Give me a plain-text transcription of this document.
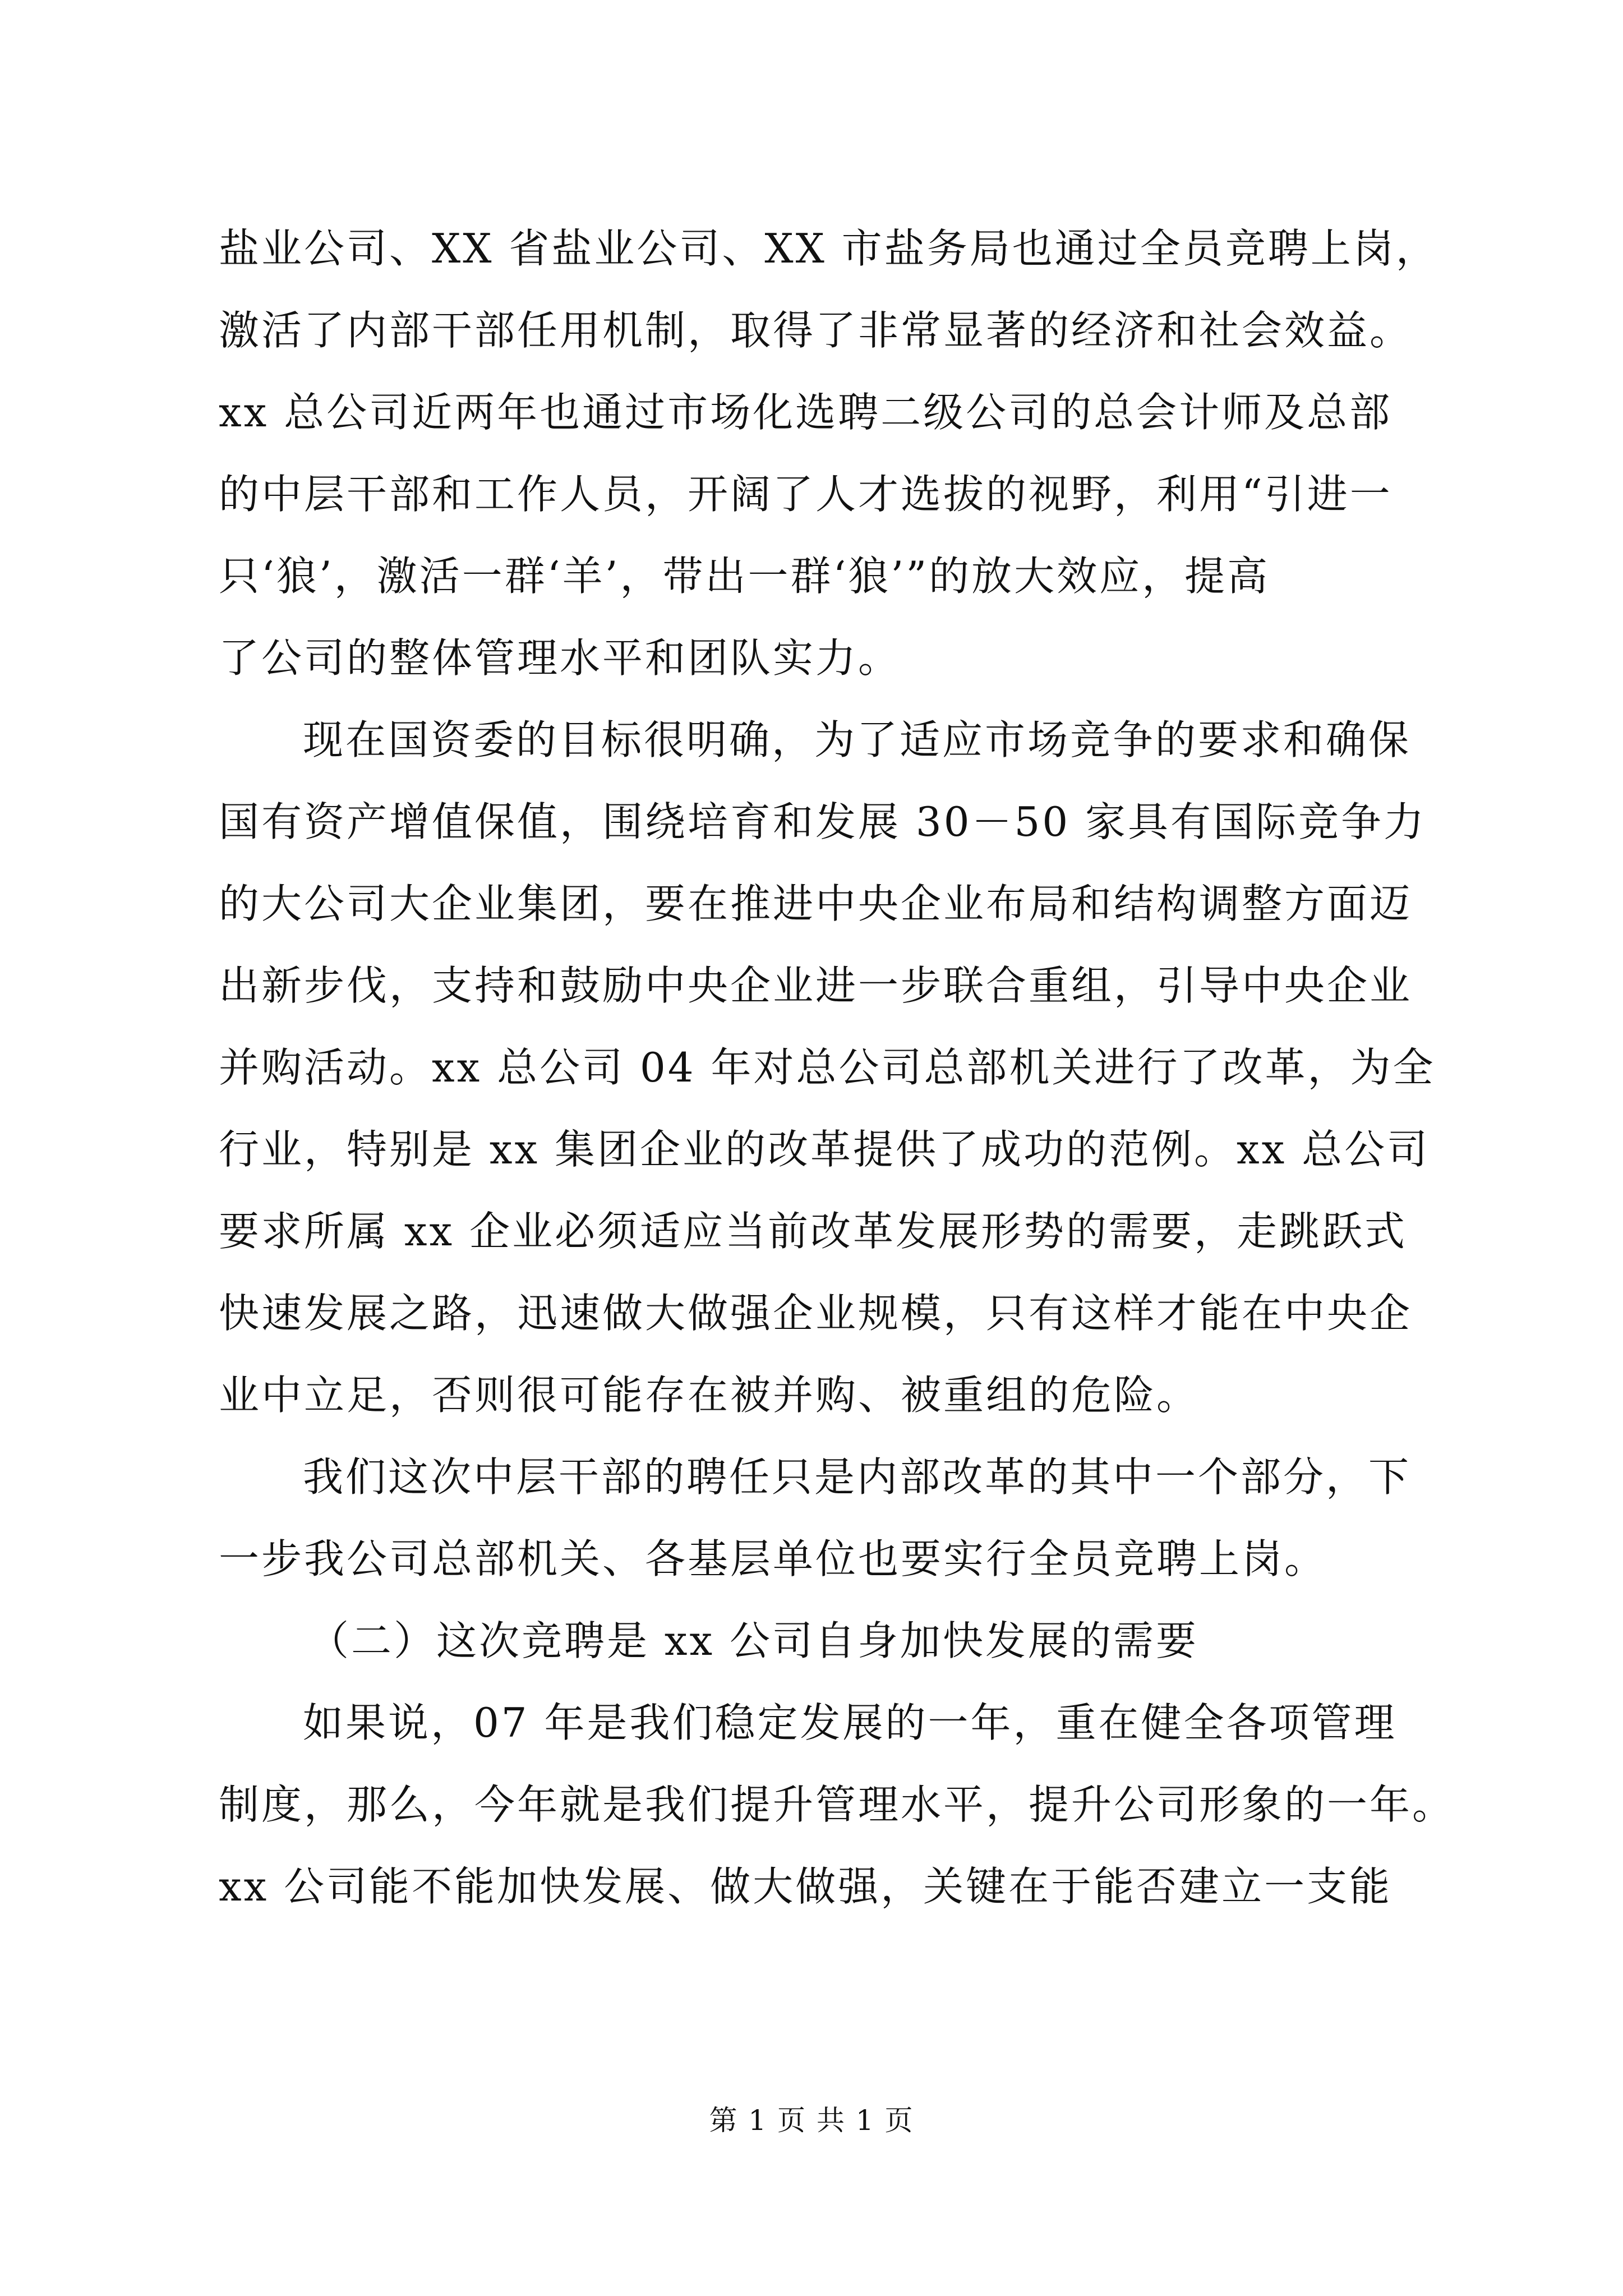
盐业公司、XX 省盐业公司、XX 市盐务局也通过全员竞聘上岗，
激活了内部干部任用机制，取得了非常显著的经济和社会效益。
xx 总公司近两年也通过市场化选聘二级公司的总会计师及总部
的中层干部和工作人员，开阔了人才选拔的视野，利用“引进一
只‘狼’，激活一群‘羊’，带出一群‘狼’”的放大效应，提高
了公司的整体管理水平和团队实力。
现在国资委的目标很明确，为了适应市场竞争的要求和确保
国有资产增值保值，围绕培育和发展 30－50 家具有国际竞争力
的大公司大企业集团，要在推进中央企业布局和结构调整方面迈
出新步伐，支持和鼓励中央企业进一步联合重组，引导中央企业
并购活动。xx 总公司 04 年对总公司总部机关进行了改革，为全
行业，特别是 xx 集团企业的改革提供了成功的范例。xx 总公司
要求所属 xx 企业必须适应当前改革发展形势的需要，走跳跃式
快速发展之路，迅速做大做强企业规模，只有这样才能在中央企
业中立足，否则很可能存在被并购、被重组的危险。
我们这次中层干部的聘任只是内部改革的其中一个部分，下
一步我公司总部机关、各基层单位也要实行全员竞聘上岗。
（二）这次竞聘是 xx 公司自身加快发展的需要
如果说，07 年是我们稳定发展的一年，重在健全各项管理
制度，那么，今年就是我们提升管理水平，提升公司形象的一年。
xx 公司能不能加快发展、做大做强，关键在于能否建立一支能
第 1 页 共 1 页
